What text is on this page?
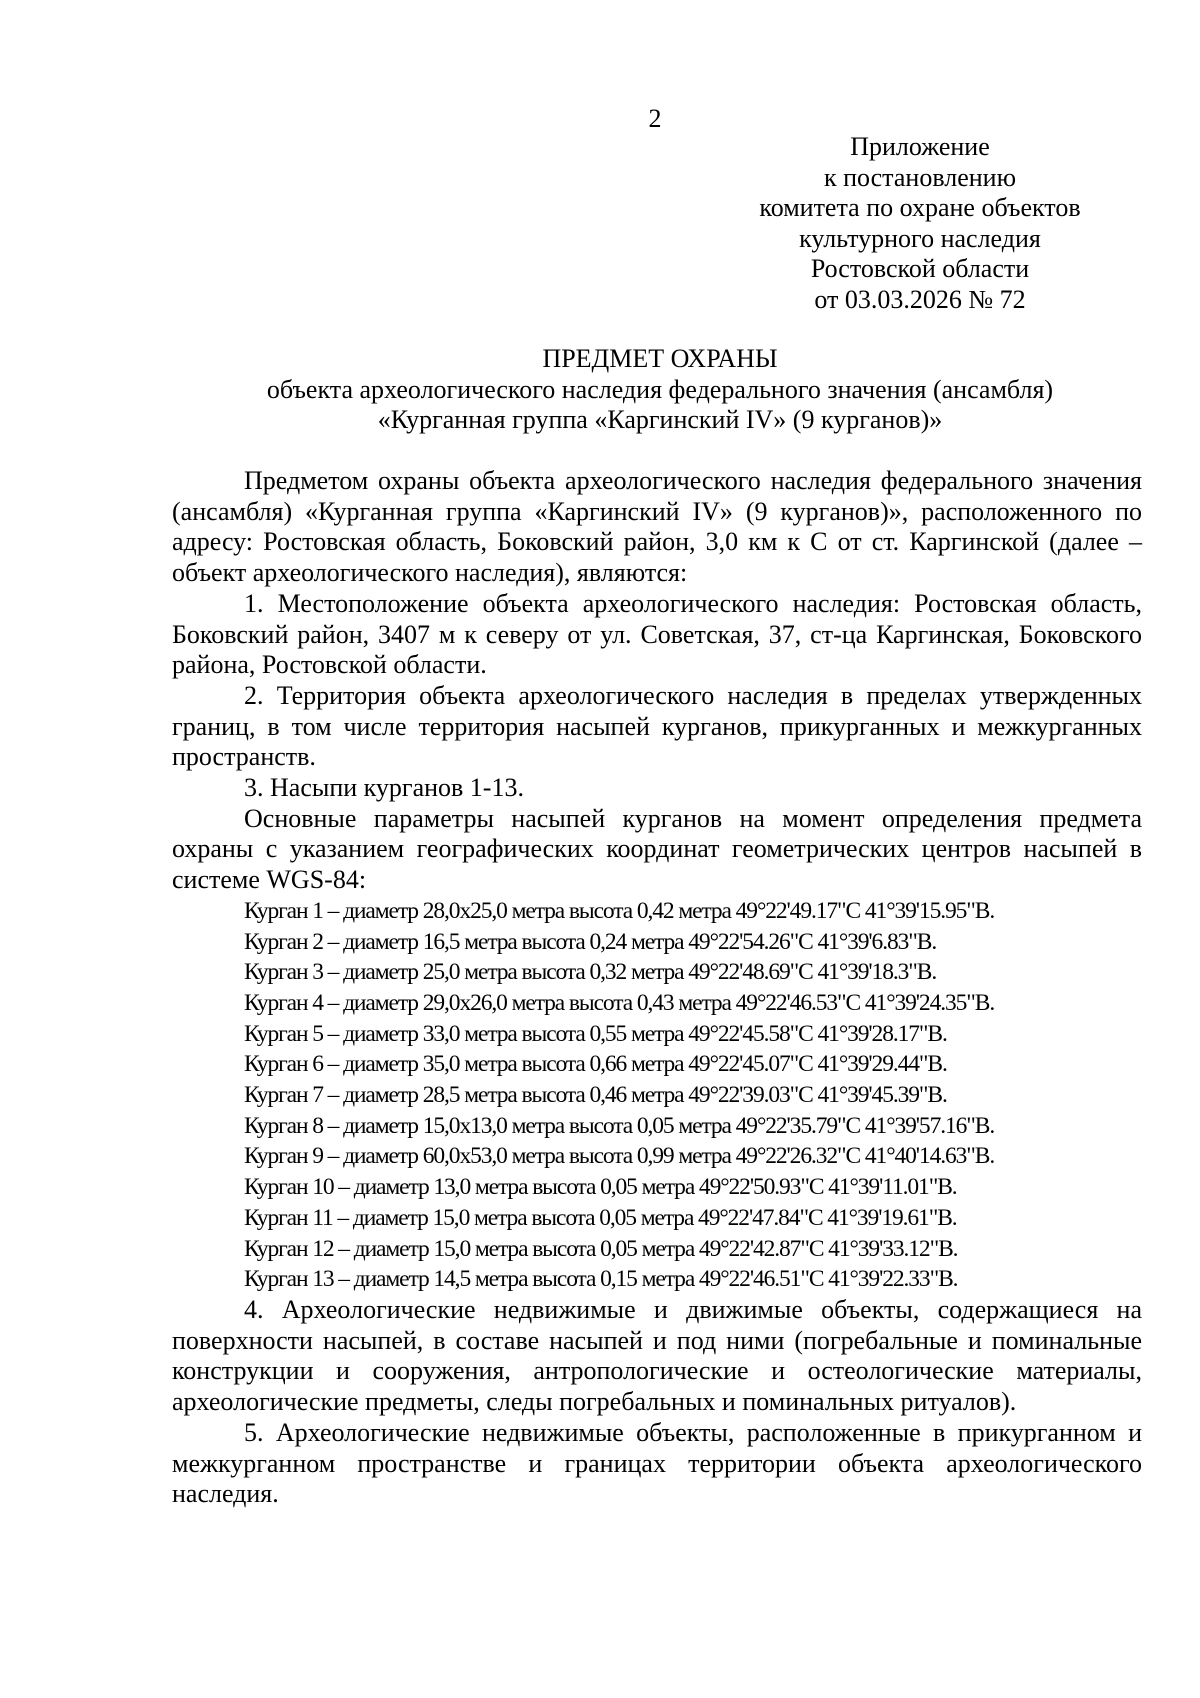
2
Приложение
к постановлению
комитета по охране объектов
культурного наследия
Ростовской области
от 03.03.2026 № 72
ПРЕДМЕТ ОХРАНЫ
объекта археологического наследия федерального значения (ансамбля)
«Курганная группа «Каргинский IV» (9 курганов)»

Предметом охраны объекта археологического наследия федерального значения (ансамбля) «Курганная группа «Каргинский IV» (9 курганов)», расположенного по адресу: Ростовская область, Боковский район, 3,0 км к С от ст. Каргинской (далее – объект археологического наследия), являются:

1. Местоположение объекта археологического наследия: Ростовская область, Боковский район, 3407 м к северу от ул. Советская, 37, ст-ца Каргинская, Боковского района, Ростовской области.

2. Территория объекта археологического наследия в пределах утвержденных границ, в том числе территория насыпей курганов, прикурганных и межкурганных пространств.

3. Насыпи курганов 1-13.

Основные параметры насыпей курганов на момент определения предмета охраны с указанием географических координат геометрических центров насыпей в системе WGS-84:

Курган 1 – диаметр 28,0х25,0 метра высота 0,42 метра 49°22'49.17"С 41°39'15.95"В.
Курган 2 – диаметр 16,5 метра высота 0,24 метра 49°22'54.26"С 41°39'6.83"В.
Курган 3 – диаметр 25,0 метра высота 0,32 метра 49°22'48.69"С 41°39'18.3"В.
Курган 4 – диаметр 29,0х26,0 метра высота 0,43 метра 49°22'46.53"С 41°39'24.35"В.
Курган 5 – диаметр 33,0 метра высота 0,55 метра 49°22'45.58"С 41°39'28.17"В.
Курган 6 – диаметр 35,0 метра высота 0,66 метра 49°22'45.07"С 41°39'29.44"В.
Курган 7 – диаметр 28,5 метра высота 0,46 метра 49°22'39.03"С 41°39'45.39"В.
Курган 8 – диаметр 15,0х13,0 метра высота 0,05 метра 49°22'35.79"С 41°39'57.16"В.
Курган 9 – диаметр 60,0х53,0 метра высота 0,99 метра 49°22'26.32"С 41°40'14.63"В.
Курган 10 – диаметр 13,0 метра высота 0,05 метра 49°22'50.93"С 41°39'11.01"В.
Курган 11 – диаметр 15,0 метра высота 0,05 метра 49°22'47.84"С 41°39'19.61"В.
Курган 12 – диаметр 15,0 метра высота 0,05 метра 49°22'42.87"С 41°39'33.12"В.
Курган 13 – диаметр 14,5 метра высота 0,15 метра 49°22'46.51"С 41°39'22.33"В.

4. Археологические недвижимые и движимые объекты, содержащиеся на поверхности насыпей, в составе насыпей и под ними (погребальные и поминальные конструкции и сооружения, антропологические и остеологические материалы, археологические предметы, следы погребальных и поминальных ритуалов).

5. Археологические недвижимые объекты, расположенные в прикурганном и межкурганном пространстве и границах территории объекта археологического наследия.
